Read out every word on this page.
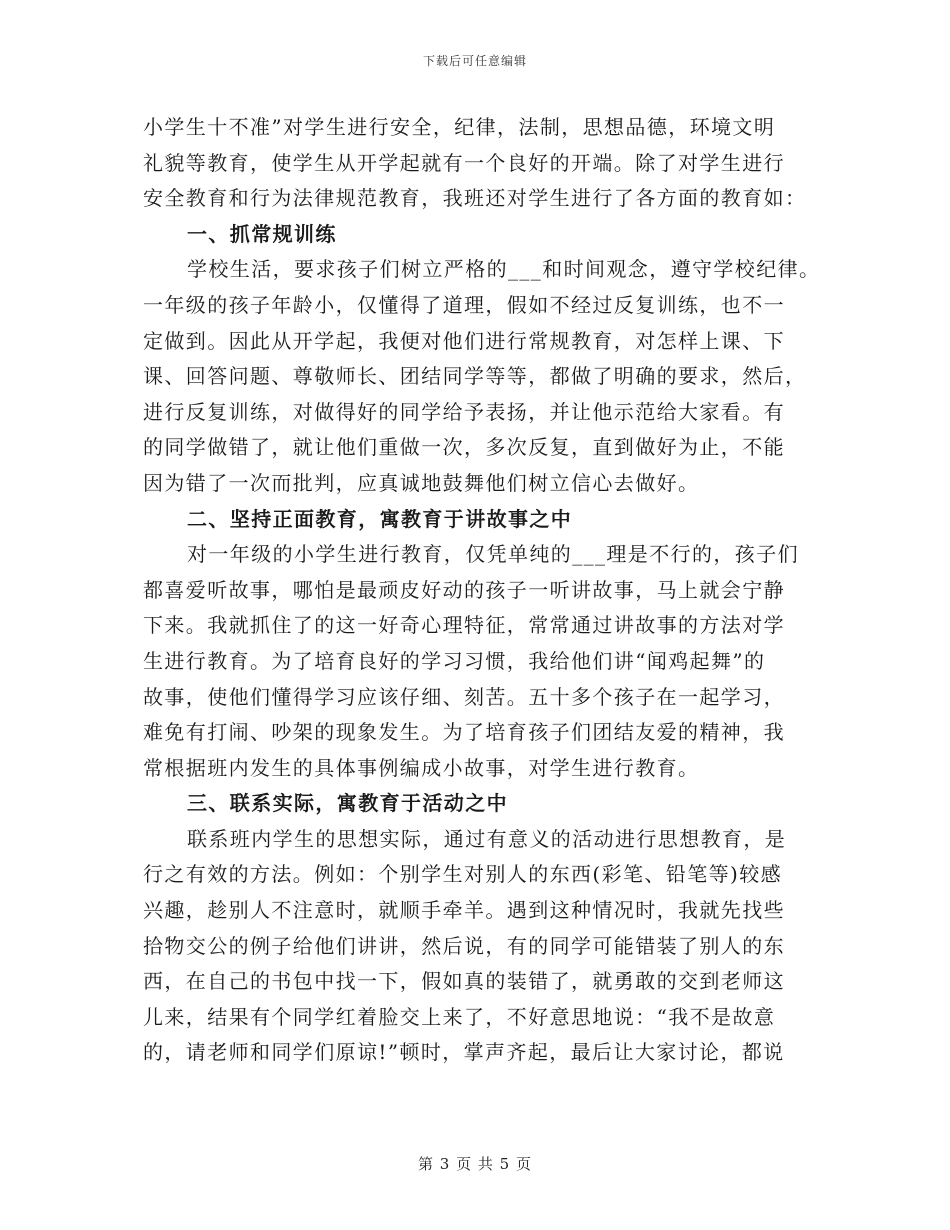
下载后可任意编辑
小学生十不准”对学生进行安全，纪律，法制，思想品德，环境文明
礼貌等教育，使学生从开学起就有一个良好的开端。除了对学生进行
安全教育和行为法律规范教育，我班还对学生进行了各方面的教育如：
一、抓常规训练
学校生活，要求孩子们树立严格的___和时间观念，遵守学校纪律。
一年级的孩子年龄小，仅懂得了道理，假如不经过反复训练，也不一
定做到。因此从开学起，我便对他们进行常规教育，对怎样上课、下
课、回答问题、尊敬师长、团结同学等等，都做了明确的要求，然后，
进行反复训练，对做得好的同学给予表扬，并让他示范给大家看。有
的同学做错了，就让他们重做一次，多次反复，直到做好为止，不能
因为错了一次而批判，应真诚地鼓舞他们树立信心去做好。
二、坚持正面教育，寓教育于讲故事之中
对一年级的小学生进行教育，仅凭单纯的___理是不行的，孩子们
都喜爱听故事，哪怕是最顽皮好动的孩子一听讲故事，马上就会宁静
下来。我就抓住了的这一好奇心理特征，常常通过讲故事的方法对学
生进行教育。为了培育良好的学习习惯，我给他们讲“闻鸡起舞”的
故事，使他们懂得学习应该仔细、刻苦。五十多个孩子在一起学习，
难免有打闹、吵架的现象发生。为了培育孩子们团结友爱的精神，我
常根据班内发生的具体事例编成小故事，对学生进行教育。
三、联系实际，寓教育于活动之中
联系班内学生的思想实际，通过有意义的活动进行思想教育，是
行之有效的方法。例如：个别学生对别人的东西(彩笔、铅笔等)较感
兴趣，趁别人不注意时，就顺手牵羊。遇到这种情况时，我就先找些
拾物交公的例子给他们讲讲，然后说，有的同学可能错装了别人的东
西，在自己的书包中找一下，假如真的装错了，就勇敢的交到老师这
儿来，结果有个同学红着脸交上来了，不好意思地说：“我不是故意
的，请老师和同学们原谅!”顿时，掌声齐起，最后让大家讨论，都说
第 3 页 共 5 页
